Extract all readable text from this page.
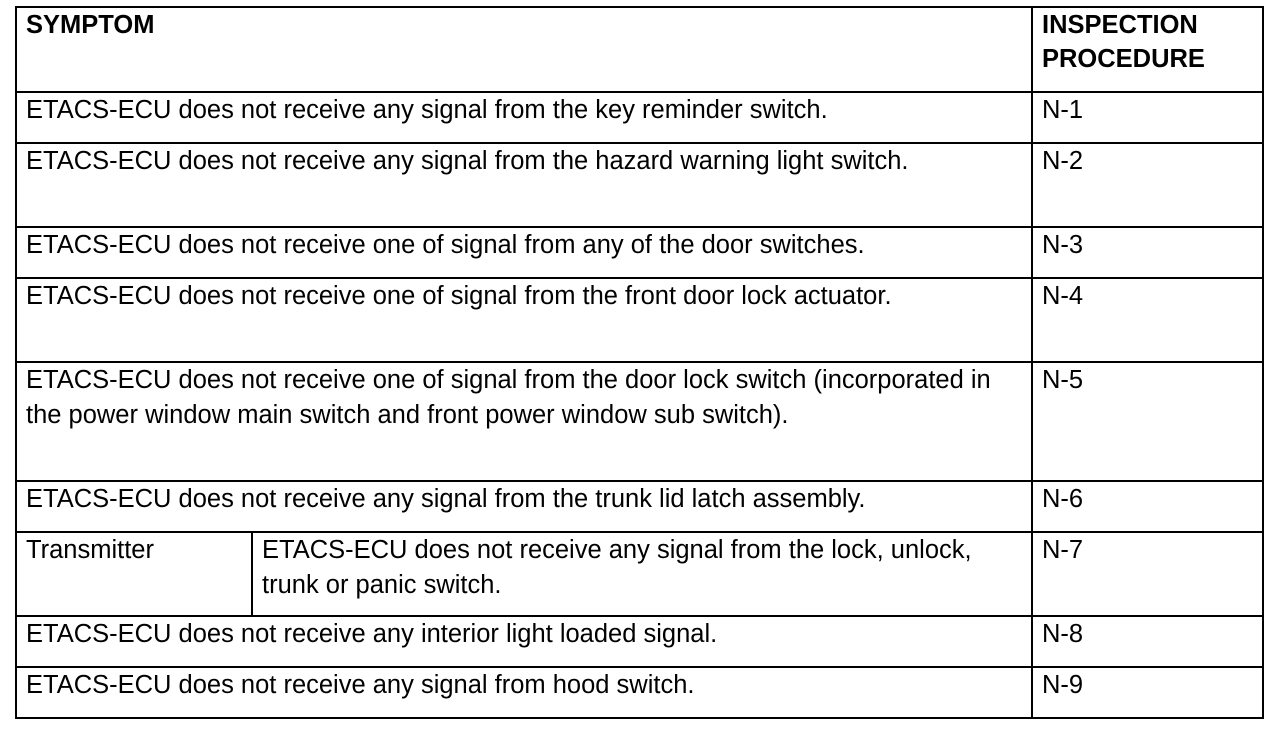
SYMPTOM		INSPECTION PROCEDURE
ETACS-ECU does not receive any signal from the key reminder switch.		N-1
ETACS-ECU does not receive any signal from the hazard warning light switch.		N-2
ETACS-ECU does not receive one of signal from any of the door switches.		N-3
ETACS-ECU does not receive one of signal from the front door lock actuator.		N-4
ETACS-ECU does not receive one of signal from the door lock switch (incorporated in the power window main switch and front power window sub switch).		N-5
ETACS-ECU does not receive any signal from the trunk lid latch assembly.		N-6
Transmitter	ETACS-ECU does not receive any signal from the lock, unlock, trunk or panic switch.	N-7
ETACS-ECU does not receive any interior light loaded signal.		N-8
ETACS-ECU does not receive any signal from hood switch.		N-9
